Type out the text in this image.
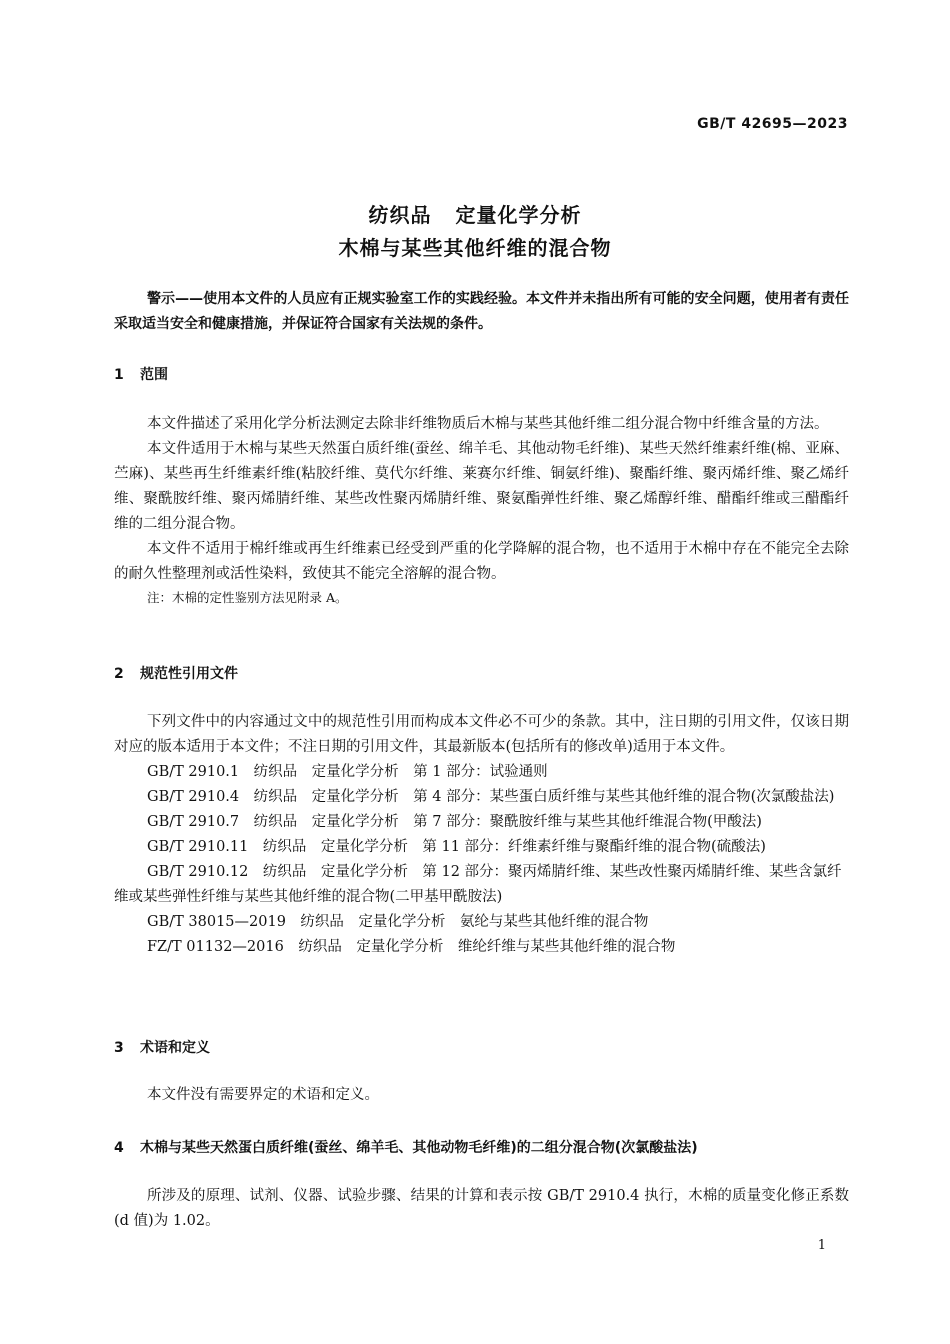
GB/T 42695—2023
纺织品 定量化学分析
木棉与某些其他纤维的混合物

警示——使用本文件的人员应有正规实验室工作的实践经验。本文件并未指出所有可能的安全问题，使用者有责任采取适当安全和健康措施，并保证符合国家有关法规的条件。

1 范围

本文件描述了采用化学分析法测定去除非纤维物质后木棉与某些其他纤维二组分混合物中纤维含量的方法。

本文件适用于木棉与某些天然蛋白质纤维(蚕丝、绵羊毛、其他动物毛纤维)、某些天然纤维素纤维(棉、亚麻、苎麻)、某些再生纤维素纤维(粘胶纤维、莫代尔纤维、莱赛尔纤维、铜氨纤维)、聚酯纤维、聚丙烯纤维、聚乙烯纤维、聚酰胺纤维、聚丙烯腈纤维、某些改性聚丙烯腈纤维、聚氨酯弹性纤维、聚乙烯醇纤维、醋酯纤维或三醋酯纤维的二组分混合物。

本文件不适用于棉纤维或再生纤维素已经受到严重的化学降解的混合物，也不适用于木棉中存在不能完全去除的耐久性整理剂或活性染料，致使其不能完全溶解的混合物。

注：木棉的定性鉴别方法见附录 A。

2 规范性引用文件

下列文件中的内容通过文中的规范性引用而构成本文件必不可少的条款。其中，注日期的引用文件，仅该日期对应的版本适用于本文件；不注日期的引用文件，其最新版本(包括所有的修改单)适用于本文件。

GB/T 2910.1　纺织品　定量化学分析　第 1 部分：试验通则

GB/T 2910.4　纺织品　定量化学分析　第 4 部分：某些蛋白质纤维与某些其他纤维的混合物(次氯酸盐法)

GB/T 2910.7　纺织品　定量化学分析　第 7 部分：聚酰胺纤维与某些其他纤维混合物(甲酸法)

GB/T 2910.11　纺织品　定量化学分析　第 11 部分：纤维素纤维与聚酯纤维的混合物(硫酸法)

GB/T 2910.12　纺织品　定量化学分析　第 12 部分：聚丙烯腈纤维、某些改性聚丙烯腈纤维、某些含氯纤维或某些弹性纤维与某些其他纤维的混合物(二甲基甲酰胺法)

GB/T 38015—2019　纺织品　定量化学分析　氨纶与某些其他纤维的混合物

FZ/T 01132—2016　纺织品　定量化学分析　维纶纤维与某些其他纤维的混合物

3 术语和定义

本文件没有需要界定的术语和定义。

4 木棉与某些天然蛋白质纤维(蚕丝、绵羊毛、其他动物毛纤维)的二组分混合物(次氯酸盐法)

所涉及的原理、试剂、仪器、试验步骤、结果的计算和表示按 GB/T 2910.4 执行，木棉的质量变化修正系数(d 值)为 1.02。

1
